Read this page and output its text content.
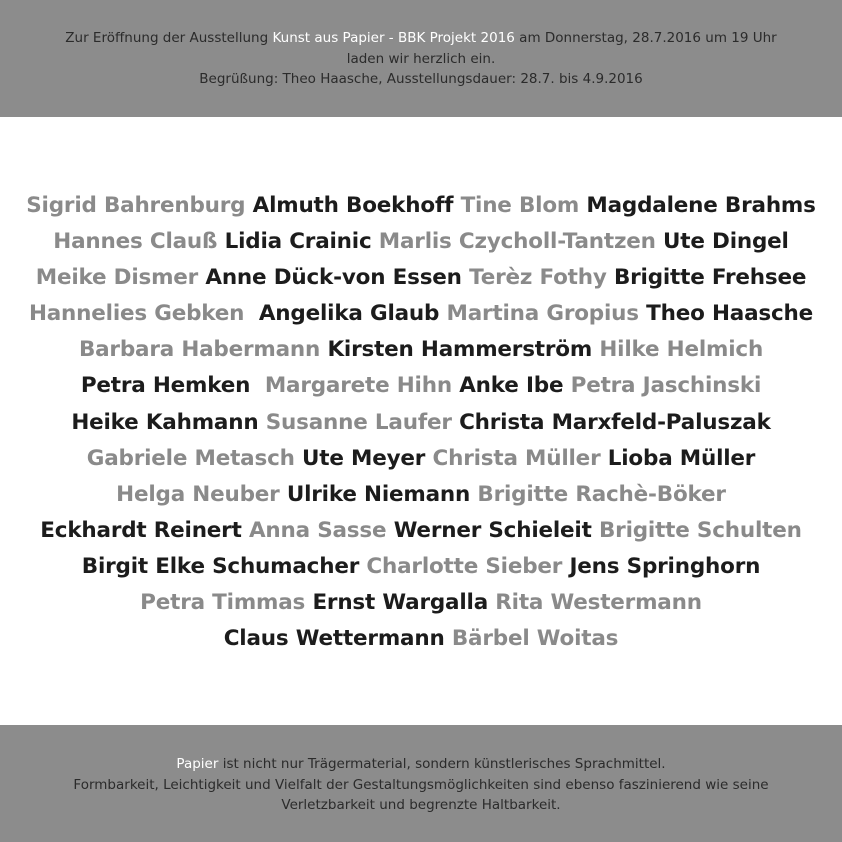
Zur Eröffnung der Ausstellung Kunst aus Papier - BBK Projekt 2016 am Donnerstag, 28.7.2016 um 19 Uhr

laden wir herzlich ein.

Begrüßung: Theo Haasche, Ausstellungsdauer: 28.7. bis 4.9.2016

Sigrid Bahrenburg Almuth Boekhoff Tine Blom Magdalene Brahms
Hannes Clauß Lidia Crainic Marlis Czycholl-Tantzen Ute Dingel
Meike Dismer Anne Dück-von Essen Terèz Fothy Brigitte Frehsee
Hannelies Gebken Angelika Glaub Martina Gropius Theo Haasche
Barbara Habermann Kirsten Hammerström Hilke Helmich
Petra Hemken Margarete Hihn Anke Ibe Petra Jaschinski
Heike Kahmann Susanne Laufer Christa Marxfeld-Paluszak
Gabriele Metasch Ute Meyer Christa Müller Lioba Müller
Helga Neuber Ulrike Niemann Brigitte Rachè-Böker
Eckhardt Reinert Anna Sasse Werner Schieleit Brigitte Schulten
Birgit Elke Schumacher Charlotte Sieber Jens Springhorn
Petra Timmas Ernst Wargalla Rita Westermann
Claus Wettermann Bärbel Woitas

Papier ist nicht nur Trägermaterial, sondern künstlerisches Sprachmittel.

Formbarkeit, Leichtigkeit und Vielfalt der Gestaltungsmöglichkeiten sind ebenso faszinierend wie seine

Verletzbarkeit und begrenzte Haltbarkeit.
